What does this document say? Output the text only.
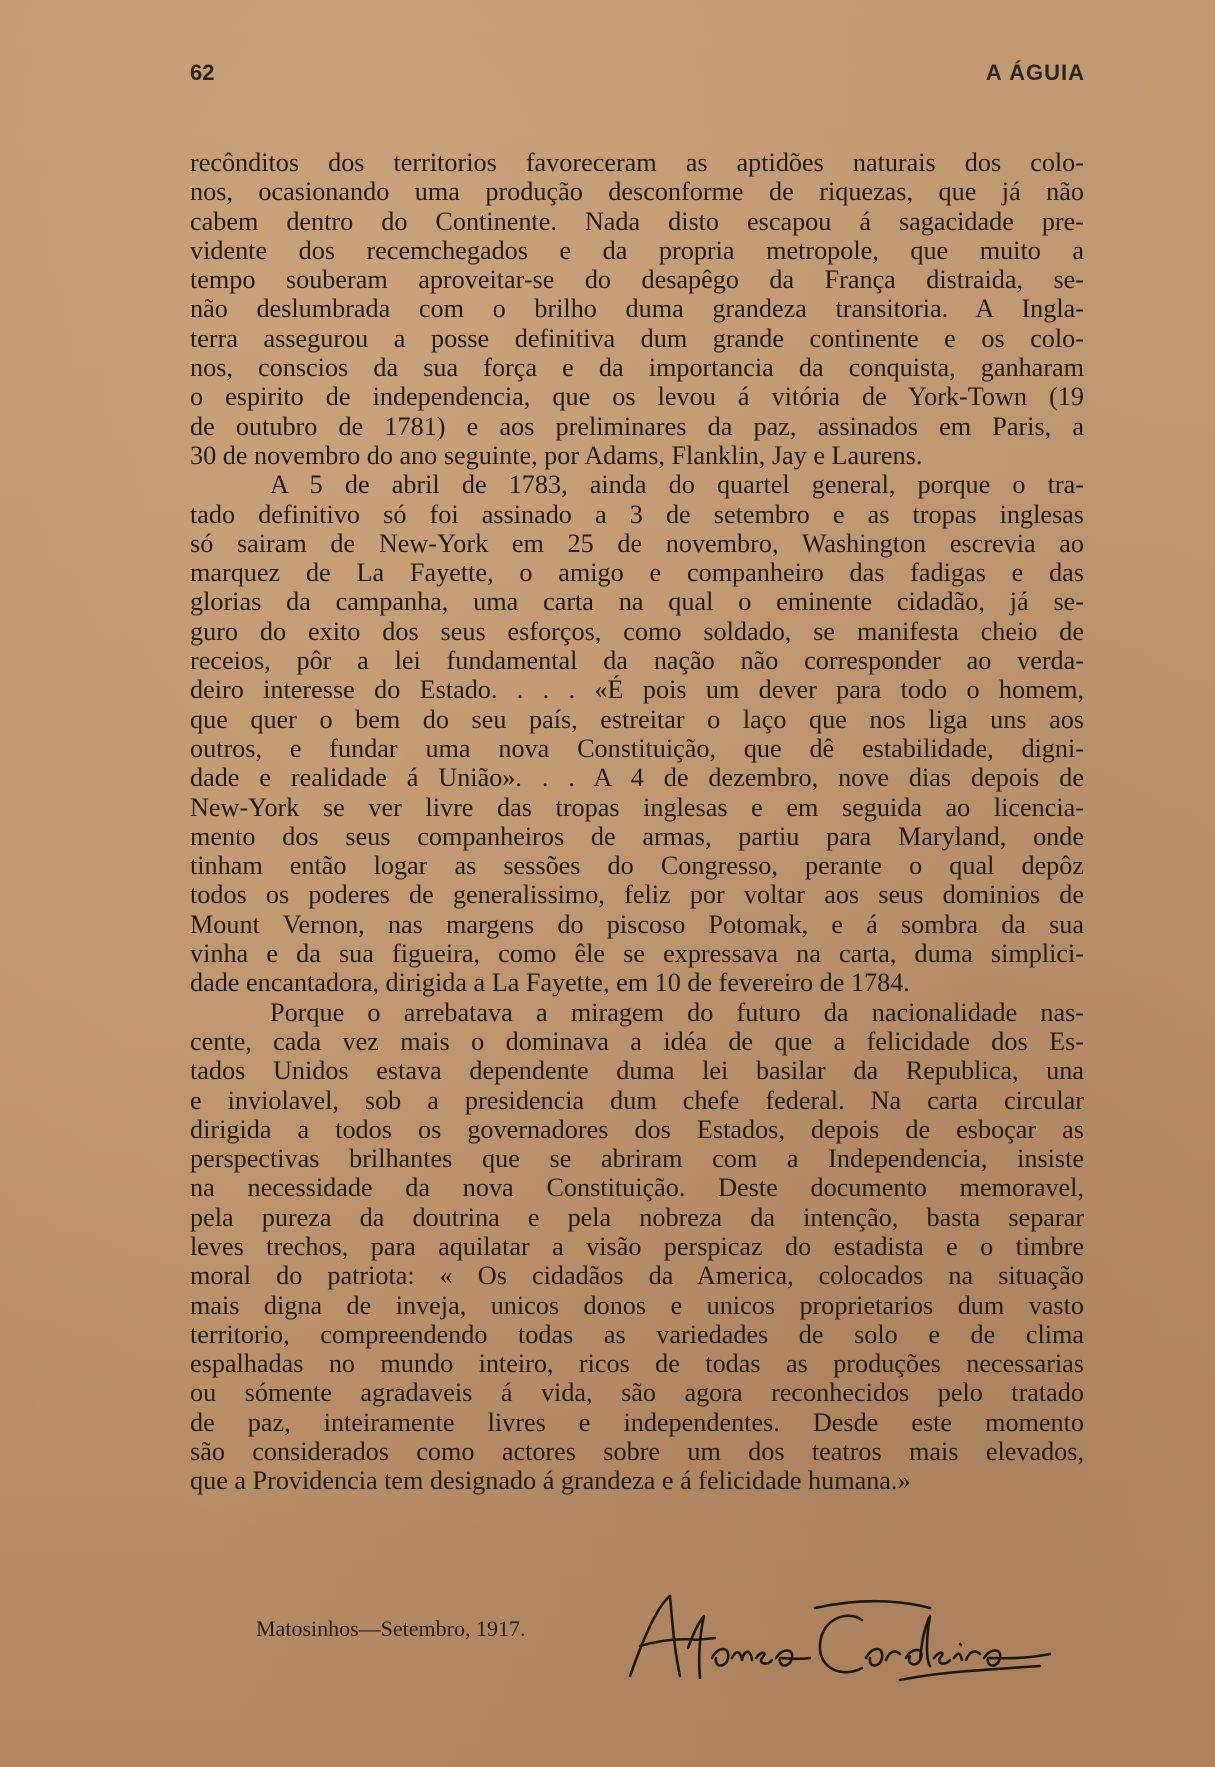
62	A ÁGUIA
recônditos dos territorios favoreceram as aptidões naturais dos colo-
nos, ocasionando uma produção desconforme de riquezas, que já não
cabem dentro do Continente. Nada disto escapou á sagacidade pre-
vidente dos recemchegados e da propria metropole, que muito a
tempo souberam aproveitar-se do desapêgo da França distraida, se-
não deslumbrada com o brilho duma grandeza transitoria. A Ingla-
terra assegurou a posse definitiva dum grande continente e os colo-
nos, conscios da sua força e da importancia da conquista, ganharam
o espirito de independencia, que os levou á vitória de York-Town (19
de outubro de 1781) e aos preliminares da paz, assinados em Paris, a
30 de novembro do ano seguinte, por Adams, Flanklin, Jay e Laurens.
A 5 de abril de 1783, ainda do quartel general, porque o tra-
tado definitivo só foi assinado a 3 de setembro e as tropas inglesas
só sairam de New-York em 25 de novembro, Washington escrevia ao
marquez de La Fayette, o amigo e companheiro das fadigas e das
glorias da campanha, uma carta na qual o eminente cidadão, já se-
guro do exito dos seus esforços, como soldado, se manifesta cheio de
receios, pôr a lei fundamental da nação não corresponder ao verda-
deiro interesse do Estado. . . . «É pois um dever para todo o homem,
que quer o bem do seu país, estreitar o laço que nos liga uns aos
outros, e fundar uma nova Constituição, que dê estabilidade, digni-
dade e realidade á União». . . A 4 de dezembro, nove dias depois de
New-York se ver livre das tropas inglesas e em seguida ao licencia-
mento dos seus companheiros de armas, partiu para Maryland, onde
tinham então logar as sessões do Congresso, perante o qual depôz
todos os poderes de generalissimo, feliz por voltar aos seus dominios de
Mount Vernon, nas margens do piscoso Potomak, e á sombra da sua
vinha e da sua figueira, como êle se expressava na carta, duma simplici-
dade encantadora, dirigida a La Fayette, em 10 de fevereiro de 1784.
Porque o arrebatava a miragem do futuro da nacionalidade nas-
cente, cada vez mais o dominava a idéa de que a felicidade dos Es-
tados Unidos estava dependente duma lei basilar da Republica, una
e inviolavel, sob a presidencia dum chefe federal. Na carta circular
dirigida a todos os governadores dos Estados, depois de esboçar as
perspectivas brilhantes que se abriram com a Independencia, insiste
na necessidade da nova Constituição. Deste documento memoravel,
pela pureza da doutrina e pela nobreza da intenção, basta separar
leves trechos, para aquilatar a visão perspicaz do estadista e o timbre
moral do patriota: « Os cidadãos da America, colocados na situação
mais digna de inveja, unicos donos e unicos proprietarios dum vasto
territorio, compreendendo todas as variedades de solo e de clima
espalhadas no mundo inteiro, ricos de todas as produções necessarias
ou sómente agradaveis á vida, são agora reconhecidos pelo tratado
de paz, inteiramente livres e independentes. Desde este momento
são considerados como actores sobre um dos teatros mais elevados,
que a Providencia tem designado á grandeza e á felicidade humana.»
Matosinhos—Setembro, 1917.
